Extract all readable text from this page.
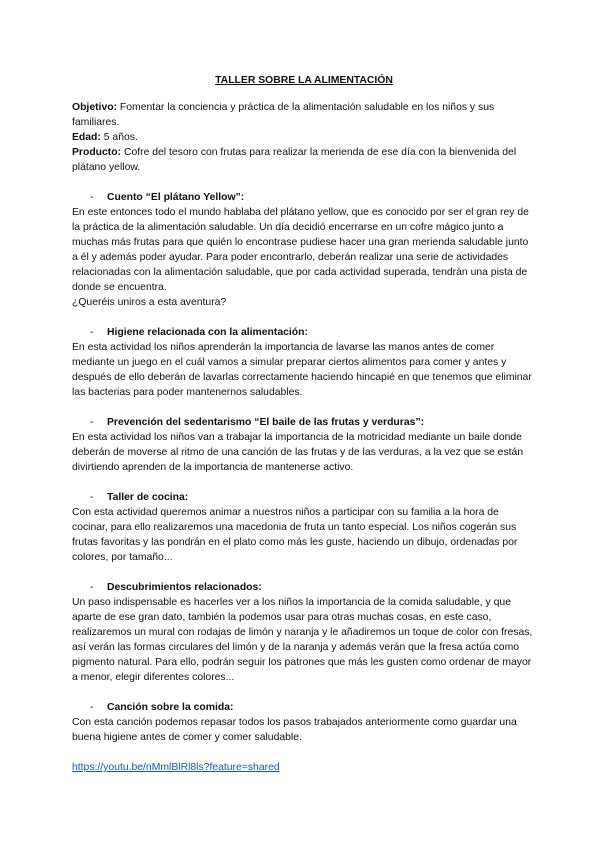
TALLER SOBRE LA ALIMENTACIÓN

Objetivo: Fomentar la conciencia y práctica de la alimentación saludable en los niños y sus familiares.

Edad: 5 años.

Producto: Cofre del tesoro con frutas para realizar la merienda de ese día con la bienvenida del plátano yellow.

- Cuento “El plátano Yellow”:

En este entonces todo el mundo hablaba del plátano yellow, que es conocido por ser el gran rey de la práctica de la alimentación saludable. Un día decidió encerrarse en un cofre mágico junto a muchas más frutas para que quién lo encontrase pudiese hacer una gran merienda saludable junto a él y además poder ayudar. Para poder encontrarlo, deberán realizar una serie de actividades relacionadas con la alimentación saludable, que por cada actividad superada, tendrán una pista de donde se encuentra.

¿Queréis uniros a esta aventura?

- Higiene relacionada con la alimentación:

En esta actividad los niños aprenderán la importancia de lavarse las manos antes de comer mediante un juego en el cuál vamos a simular preparar ciertos alimentos para comer y antes y después de ello deberán de lavarlas correctamente haciendo hincapié en que tenemos que eliminar las bacterias para poder mantenernos saludables.

- Prevención del sedentarismo “El baile de las frutas y verduras”:

En esta actividad los niños van a trabajar la importancia de la motricidad mediante un baile donde deberán de moverse al ritmo de una canción de las frutas y de las verduras, a la vez que se están divirtiendo aprenden de la importancia de mantenerse activo.

- Taller de cocina:

Con esta actividad queremos animar a nuestros niños a participar con su familia a la hora de cocinar, para ello realizaremos una macedonia de fruta un tanto especial. Los niños cogerán sus frutas favoritas y las pondrán en el plato como más les guste, haciendo un dibujo, ordenadas por colores, por tamaño...

- Descubrimientos relacionados:

Un paso indispensable es hacerles ver a los niños la importancia de la comida saludable, y que aparte de ese gran dato, también la podemos usar para otras muchas cosas, en este caso, realizaremos un mural con rodajas de limón y naranja y le añadiremos un toque de color con fresas, así verán las formas circulares del limón y de la naranja y además verán que la fresa actúa como pigmento natural. Para ello, podrán seguir los patrones que más les gusten como ordenar de mayor a menor, elegir diferentes colores...

- Canción sobre la comida:

Con esta canción podemos repasar todos los pasos trabajados anteriormente como guardar una buena higiene antes de comer y comer saludable.

https://youtu.be/nMmlBlRl8ls?feature=shared
